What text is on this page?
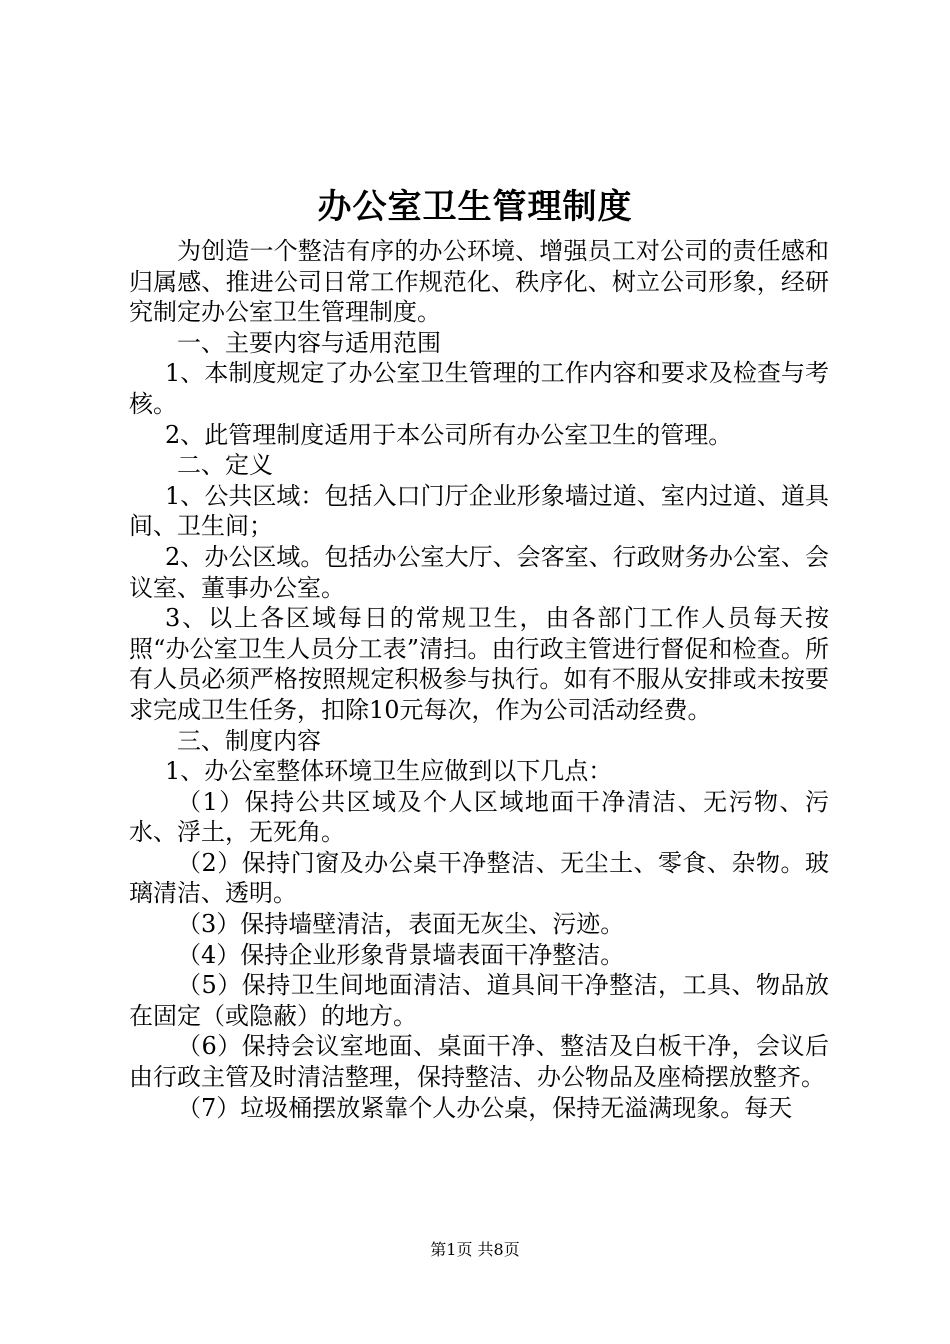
办公室卫生管理制度

为创造一个整洁有序的办公环境、增强员工对公司的责任感和归属感、推进公司日常工作规范化、秩序化、树立公司形象，经研究制定办公室卫生管理制度。

一、主要内容与适用范围

1、本制度规定了办公室卫生管理的工作内容和要求及检查与考核。

2、此管理制度适用于本公司所有办公室卫生的管理。

二、定义

1、公共区域：包括入口门厅企业形象墙过道、室内过道、道具间、卫生间；

2、办公区域。包括办公室大厅、会客室、行政财务办公室、会议室、董事办公室。

3、以上各区域每日的常规卫生，由各部门工作人员每天按照“办公室卫生人员分工表”清扫。由行政主管进行督促和检查。所有人员必须严格按照规定积极参与执行。如有不服从安排或未按要求完成卫生任务，扣除10元每次，作为公司活动经费。

三、制度内容

1、办公室整体环境卫生应做到以下几点：

（1）保持公共区域及个人区域地面干净清洁、无污物、污水、浮土，无死角。

（2）保持门窗及办公桌干净整洁、无尘土、零食、杂物。玻璃清洁、透明。

（3）保持墙壁清洁，表面无灰尘、污迹。

（4）保持企业形象背景墙表面干净整洁。

（5）保持卫生间地面清洁、道具间干净整洁，工具、物品放在固定（或隐蔽）的地方。

（6）保持会议室地面、桌面干净、整洁及白板干净，会议后由行政主管及时清洁整理，保持整洁、办公物品及座椅摆放整齐。

（7）垃圾桶摆放紧靠个人办公桌，保持无溢满现象。每天

第1页 共8页
